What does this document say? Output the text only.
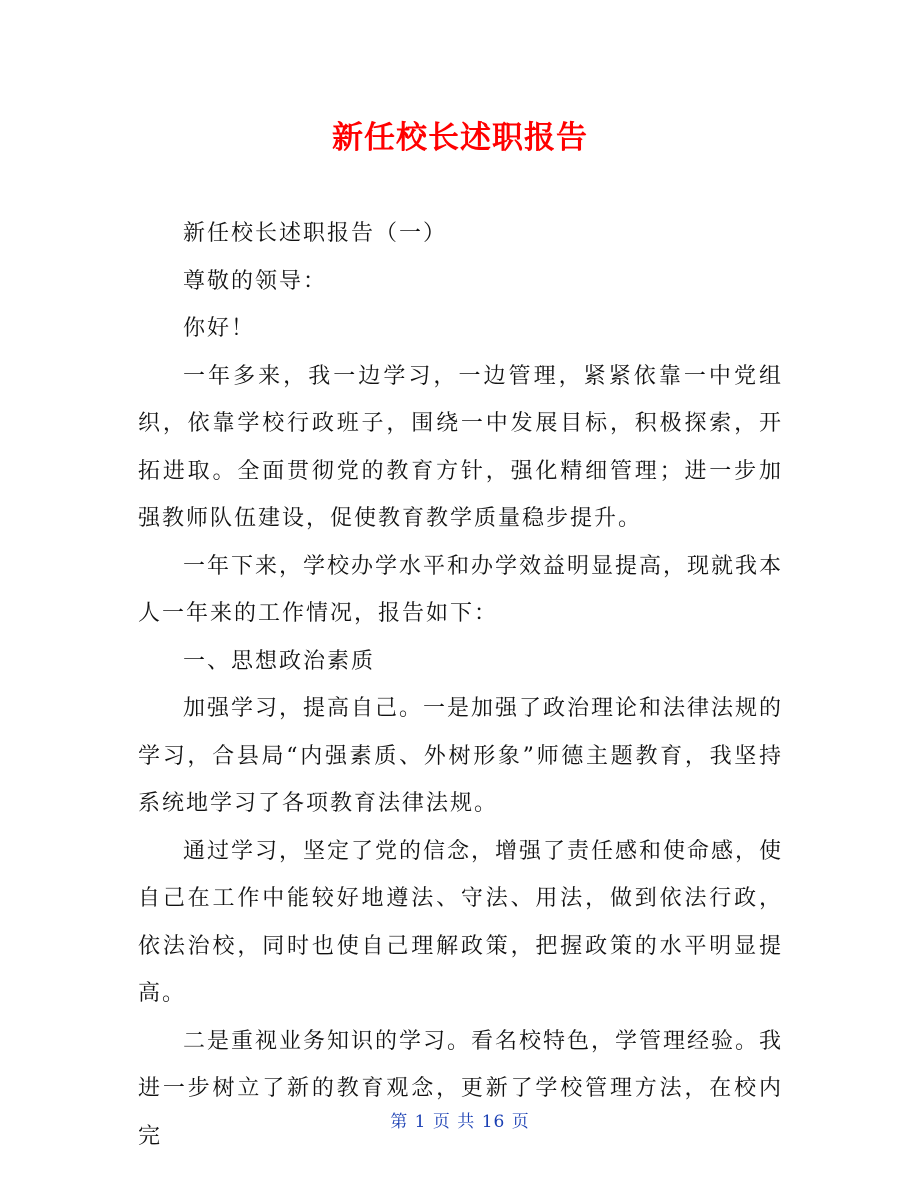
新任校长述职报告

新任校长述职报告（一）

尊敬的领导：

你好！

一年多来，我一边学习，一边管理，紧紧依靠一中党组织，依靠学校行政班子，围绕一中发展目标，积极探索，开拓进取。全面贯彻党的教育方针，强化精细管理；进一步加强教师队伍建设，促使教育教学质量稳步提升。

一年下来，学校办学水平和办学效益明显提高，现就我本人一年来的工作情况，报告如下：

一、思想政治素质

加强学习，提高自己。一是加强了政治理论和法律法规的学习，合县局“内强素质、外树形象”师德主题教育，我坚持系统地学习了各项教育法律法规。

通过学习，坚定了党的信念，增强了责任感和使命感，使自己在工作中能较好地遵法、守法、用法，做到依法行政，依法治校，同时也使自己理解政策，把握政策的水平明显提高。

二是重视业务知识的学习。看名校特色，学管理经验。我进一步树立了新的教育观念，更新了学校管理方法，在校内完

第 1 页 共 16 页
